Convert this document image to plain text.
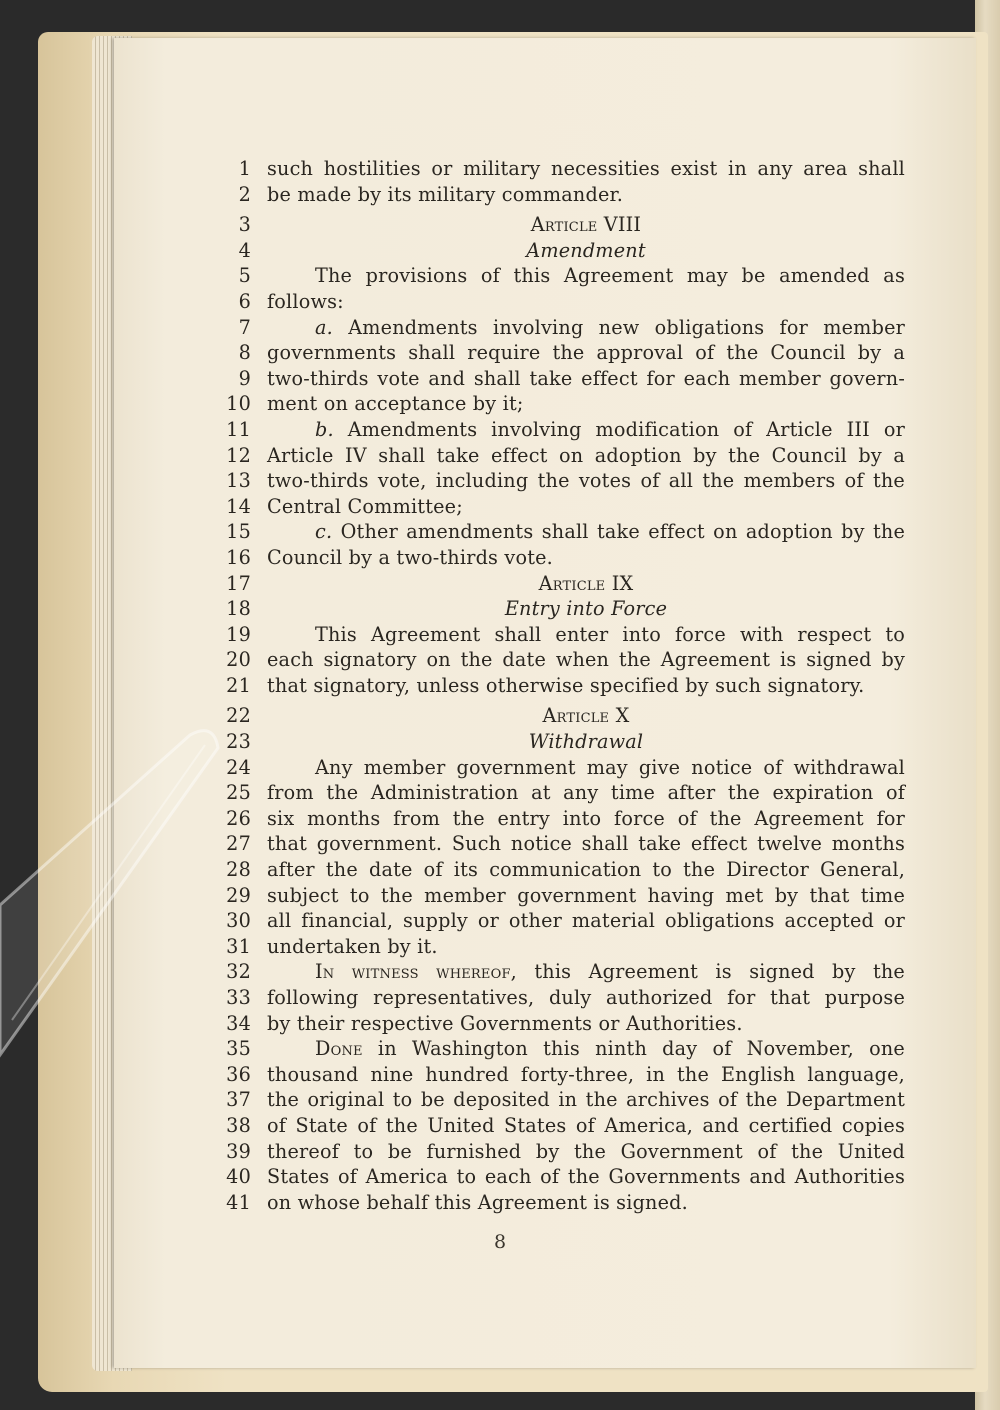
1 such hostilities or military necessities exist in any area shall
2 be made by its military commander.
3	Article VIII
4	Amendment
5	The provisions of this Agreement may be amended as
6 follows:
7	a. Amendments involving new obligations for member
8 governments shall require the approval of the Council by a
9 two-thirds vote and shall take effect for each member govern-
10 ment on acceptance by it;
11	b. Amendments involving modification of Article III or
12 Article IV shall take effect on adoption by the Council by a
13 two-thirds vote, including the votes of all the members of the
14 Central Committee;
15	c. Other amendments shall take effect on adoption by the
16 Council by a two-thirds vote.
17	Article IX
18	Entry into Force
19	This Agreement shall enter into force with respect to
20 each signatory on the date when the Agreement is signed by
21 that signatory, unless otherwise specified by such signatory.
22	Article X
23	Withdrawal
24	Any member government may give notice of withdrawal
25 from the Administration at any time after the expiration of
26 six months from the entry into force of the Agreement for
27 that government. Such notice shall take effect twelve months
28 after the date of its communication to the Director General,
29 subject to the member government having met by that time
30 all financial, supply or other material obligations accepted or
31 undertaken by it.
32	In witness whereof, this Agreement is signed by the
33 following representatives, duly authorized for that purpose
34 by their respective Governments or Authorities.
35	Done in Washington this ninth day of November, one
36 thousand nine hundred forty-three, in the English language,
37 the original to be deposited in the archives of the Department
38 of State of the United States of America, and certified copies
39 thereof to be furnished by the Government of the United
40 States of America to each of the Governments and Authorities
41 on whose behalf this Agreement is signed.
8
